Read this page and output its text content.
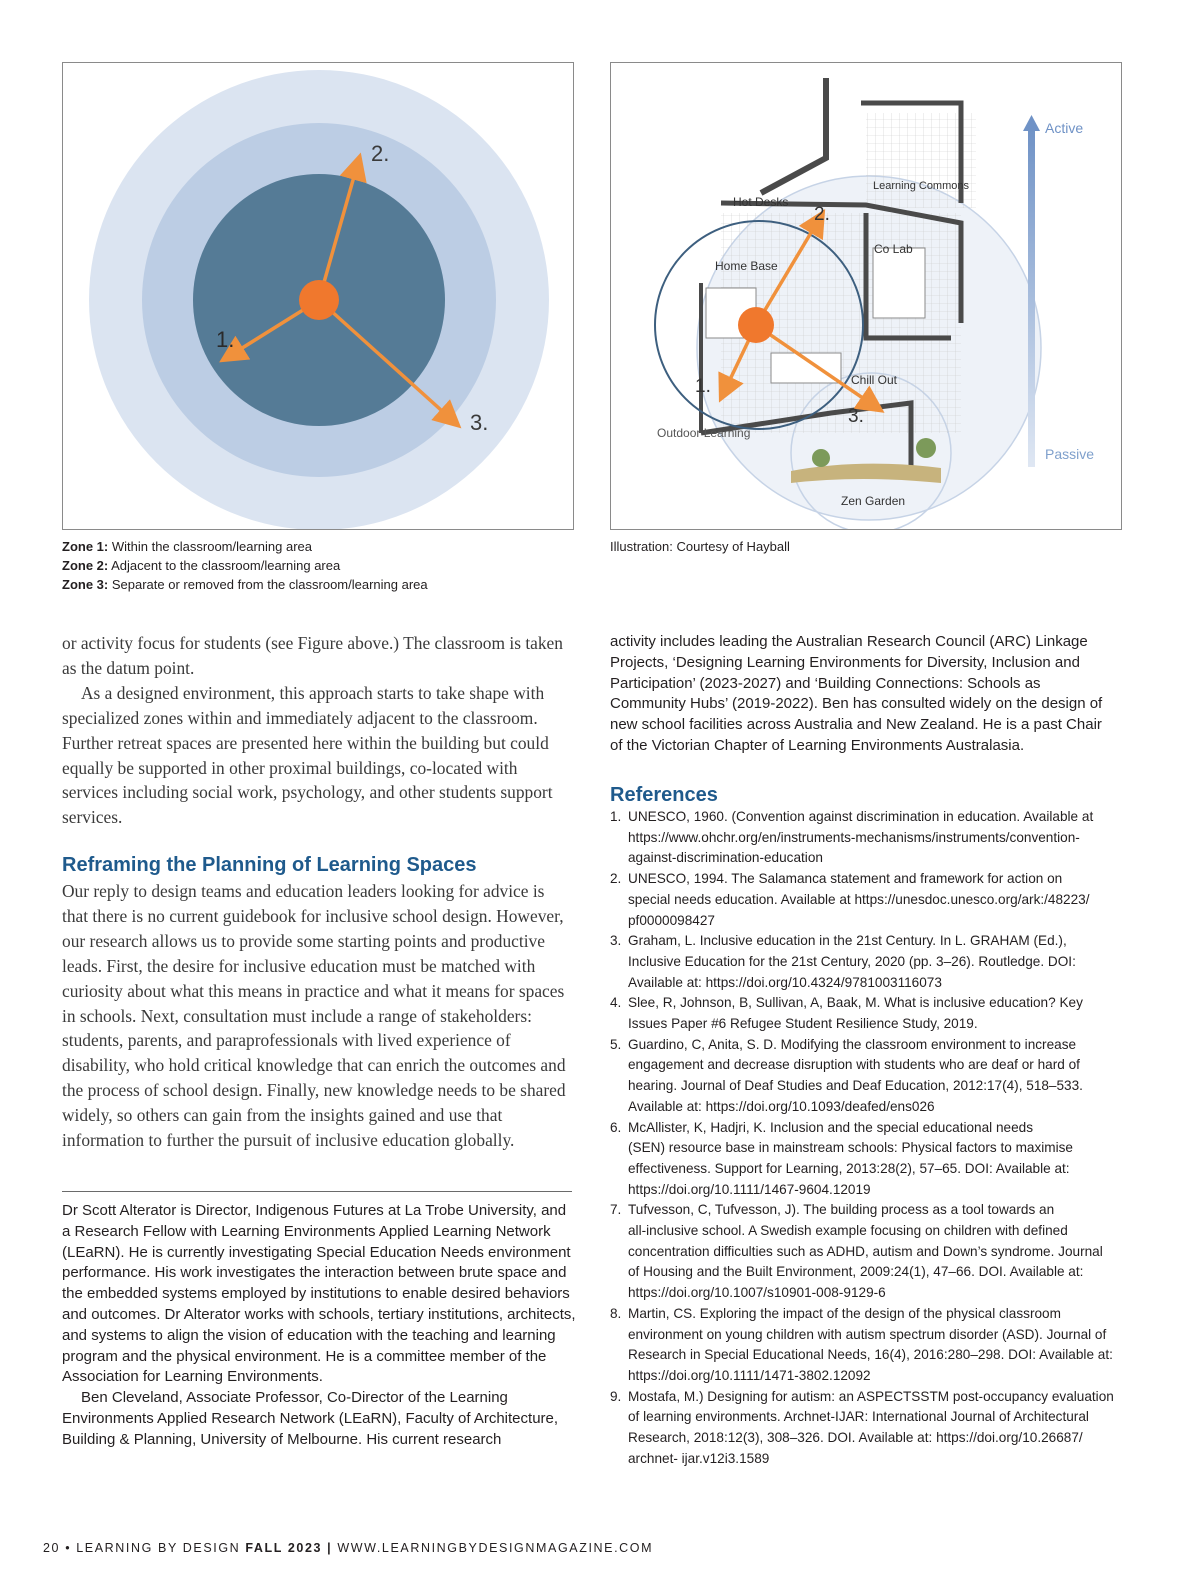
2.
1.
3.
Active
Passive
Hot Desks
Learning Commons
Co Lab
Home Base
Chill Out
Outdoor Learning
Zen Garden
2.
1.
3.
Zone 1: Within the classroom/learning area
Zone 2: Adjacent to the classroom/learning area
Zone 3: Separate or removed from the classroom/learning area
Illustration: Courtesy of Hayball

or activity focus for students (see Figure above.) The classroom is taken as the datum point.

As a designed environment, this approach starts to take shape with specialized zones within and immediately adjacent to the classroom. Further retreat spaces are presented here within the building but could equally be supported in other proximal buildings, co-located with services including social work, psychology, and other students support services.

Reframing the Planning of Learning Spaces

Our reply to design teams and education leaders looking for advice is that there is no current guidebook for inclusive school design. However, our research allows us to provide some starting points and productive leads. First, the desire for inclusive education must be matched with curiosity about what this means in practice and what it means for spaces in schools. Next, consultation must include a range of stakeholders: students, parents, and paraprofessionals with lived experience of disability, who hold critical knowledge that can enrich the outcomes and the process of school design. Finally, new knowledge needs to be shared widely, so others can gain from the insights gained and use that information to further the pursuit of inclusive education globally.

Dr Scott Alterator is Director, Indigenous Futures at La Trobe University, and a Research Fellow with Learning Environments Applied Learning Network (LEaRN). He is currently investigating Special Education Needs environment performance. His work investigates the interaction between brute space and the embedded systems employed by institutions to enable desired behaviors and outcomes. Dr Alterator works with schools, tertiary institutions, architects, and systems to align the vision of education with the teaching and learning program and the physical environment. He is a committee member of the Association for Learning Environments.

Ben Cleveland, Associate Professor, Co-Director of the Learning Environments Applied Research Network (LEaRN), Faculty of Architecture, Building & Planning, University of Melbourne. His current research

activity includes leading the Australian Research Council (ARC) Linkage Projects, ‘Designing Learning Environments for Diversity, Inclusion and Participation’ (2023-2027) and ‘Building Connections: Schools as Community Hubs’ (2019-2022). Ben has consulted widely on the design of new school facilities across Australia and New Zealand. He is a past Chair of the Victorian Chapter of Learning Environments Australasia.

References
1. UNESCO, 1960. (Convention against discrimination in education. Available at
https://www.ohchr.org/en/instruments-mechanisms/instruments/convention-
against-discrimination-education
2. UNESCO, 1994. The Salamanca statement and framework for action on
special needs education. Available at https://unesdoc.unesco.org/ark:/48223/
pf0000098427
3. Graham, L. Inclusive education in the 21st Century. In L. GRAHAM (Ed.),
Inclusive Education for the 21st Century, 2020 (pp. 3–26). Routledge. DOI:
Available at: https://doi.org/10.4324/9781003116073
4. Slee, R, Johnson, B, Sullivan, A, Baak, M. What is inclusive education? Key
Issues Paper #6 Refugee Student Resilience Study, 2019.
5. Guardino, C, Anita, S. D. Modifying the classroom environment to increase
engagement and decrease disruption with students who are deaf or hard of
hearing. Journal of Deaf Studies and Deaf Education, 2012:17(4), 518–533.
Available at: https://doi.org/10.1093/deafed/ens026
6. McAllister, K, Hadjri, K. Inclusion and the special educational needs
(SEN) resource base in mainstream schools: Physical factors to maximise
effectiveness. Support for Learning, 2013:28(2), 57–65. DOI: Available at:
https://doi.org/10.1111/1467-9604.12019
7. Tufvesson, C, Tufvesson, J). The building process as a tool towards an
all-inclusive school. A Swedish example focusing on children with defined
concentration difficulties such as ADHD, autism and Down’s syndrome. Journal
of Housing and the Built Environment, 2009:24(1), 47–66. DOI. Available at:
https://doi.org/10.1007/s10901-008-9129-6
8. Martin, CS. Exploring the impact of the design of the physical classroom
environment on young children with autism spectrum disorder (ASD). Journal of
Research in Special Educational Needs, 16(4), 2016:280–298. DOI: Available at:
https://doi.org/10.1111/1471-3802.12092
9. Mostafa, M.) Designing for autism: an ASPECTSSTM post-occupancy evaluation
of learning environments. Archnet-IJAR: International Journal of Architectural
Research, 2018:12(3), 308–326. DOI. Available at: https://doi.org/10.26687/
archnet- ijar.v12i3.1589
20 • LEARNING BY DESIGN FALL 2023 | WWW.LEARNINGBYDESIGNMAGAZINE.COM
